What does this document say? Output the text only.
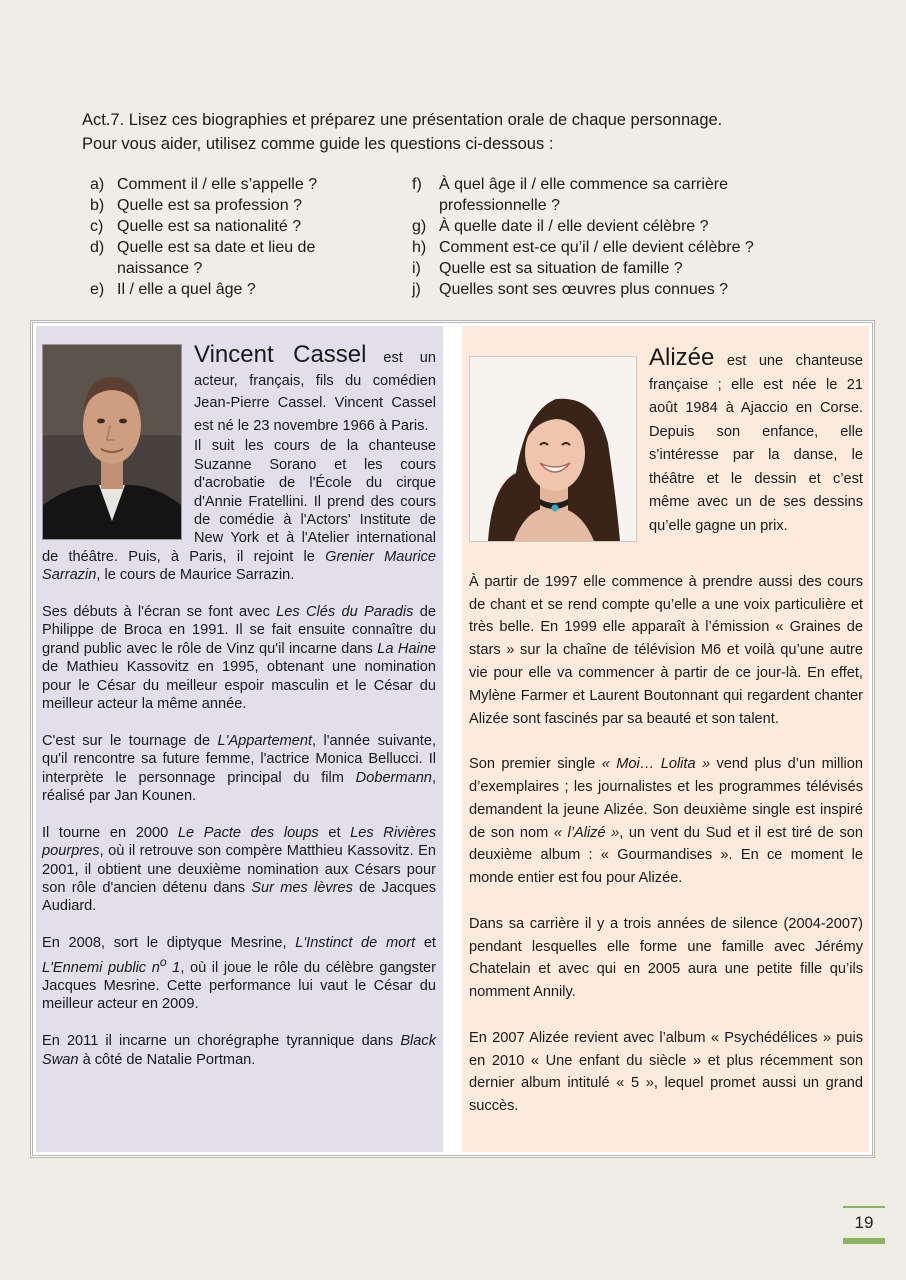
Act.7. Lisez ces biographies et préparez une présentation orale de chaque personnage.

Pour vous aider, utilisez comme guide les questions ci-dessous :

a) Comment il / elle s’appelle ?
b) Quelle est sa profession ?
c) Quelle est sa nationalité ?
d) Quelle est sa date et lieu de naissance ?
e) Il / elle a quel âge ?
f)	À quel âge il / elle commence sa carrière professionnelle ?
g) À quelle date il / elle devient célèbre ?
h) Comment est-ce qu’il / elle devient célèbre ?
i)	Quelle est sa situation de famille ?
j)	Quelles sont ses œuvres plus connues ?

Vincent Cassel est un acteur, français, fils du comédien Jean-Pierre Cassel. Vincent Cassel est né le 23 novembre 1966 à Paris.

Il suit les cours de la chanteuse Suzanne Sorano et les cours d'acrobatie de l'École du cirque d'Annie Fratellini. Il prend des cours de comédie à l'Actors' Institute de New York et à l'Atelier international de théâtre. Puis, à Paris, il rejoint le Grenier Maurice Sarrazin, le cours de Maurice Sarrazin.

Ses débuts à l'écran se font avec Les Clés du Paradis de Philippe de Broca en 1991. Il se fait ensuite connaître du grand public avec le rôle de Vinz qu'il incarne dans La Haine de Mathieu Kassovitz en 1995, obtenant une nomination pour le César du meilleur espoir masculin et le César du meilleur acteur la même année.

C'est sur le tournage de L'Appartement, l'année suivante, qu'il rencontre sa future femme, l'actrice Monica Bellucci. Il interprète le personnage principal du film Dobermann, réalisé par Jan Kounen.

Il tourne en 2000 Le Pacte des loups et Les Rivières pourpres, où il retrouve son compère Matthieu Kassovitz. En 2001, il obtient une deuxième nomination aux Césars pour son rôle d'ancien détenu dans Sur mes lèvres de Jacques Audiard.

En 2008, sort le diptyque Mesrine, L'Instinct de mort et L'Ennemi public $n^o$ 1, où il joue le rôle du célèbre gangster Jacques Mesrine. Cette performance lui vaut le César du meilleur acteur en 2009.

En 2011 il incarne un chorégraphe tyrannique dans Black Swan à côté de Natalie Portman.

Alizée est une chanteuse française ; elle est née le 21 août 1984 à Ajaccio en Corse. Depuis son enfance, elle s’intéresse par la danse, le théâtre et le dessin et c’est même avec un de ses dessins qu’elle gagne un prix.

À partir de 1997 elle commence à prendre aussi des cours de chant et se rend compte qu’elle a une voix particulière et très belle. En 1999 elle apparaît à l’émission « Graines de stars » sur la chaîne de télévision M6 et voilà qu’une autre vie pour elle va commencer à partir de ce jour-là. En effet, Mylène Farmer et Laurent Boutonnant qui regardent chanter Alizée sont fascinés par sa beauté et son talent.

Son premier single « Moi… Lolita » vend plus d’un million d’exemplaires ; les journalistes et les programmes télévisés demandent la jeune Alizée. Son deuxième single est inspiré de son nom « l’Alizé », un vent du Sud et il est tiré de son deuxième album : « Gourmandises ». En ce moment le monde entier est fou pour Alizée.

Dans sa carrière il y a trois années de silence (2004-2007) pendant lesquelles elle forme une famille avec Jérémy Chatelain et avec qui en 2005 aura une petite fille qu’ils nomment Annily.

En 2007 Alizée revient avec l’album « Psychédélices » puis en 2010 « Une enfant du siècle » et plus récemment son dernier album intitulé « 5 », lequel promet aussi un grand succès.

19
